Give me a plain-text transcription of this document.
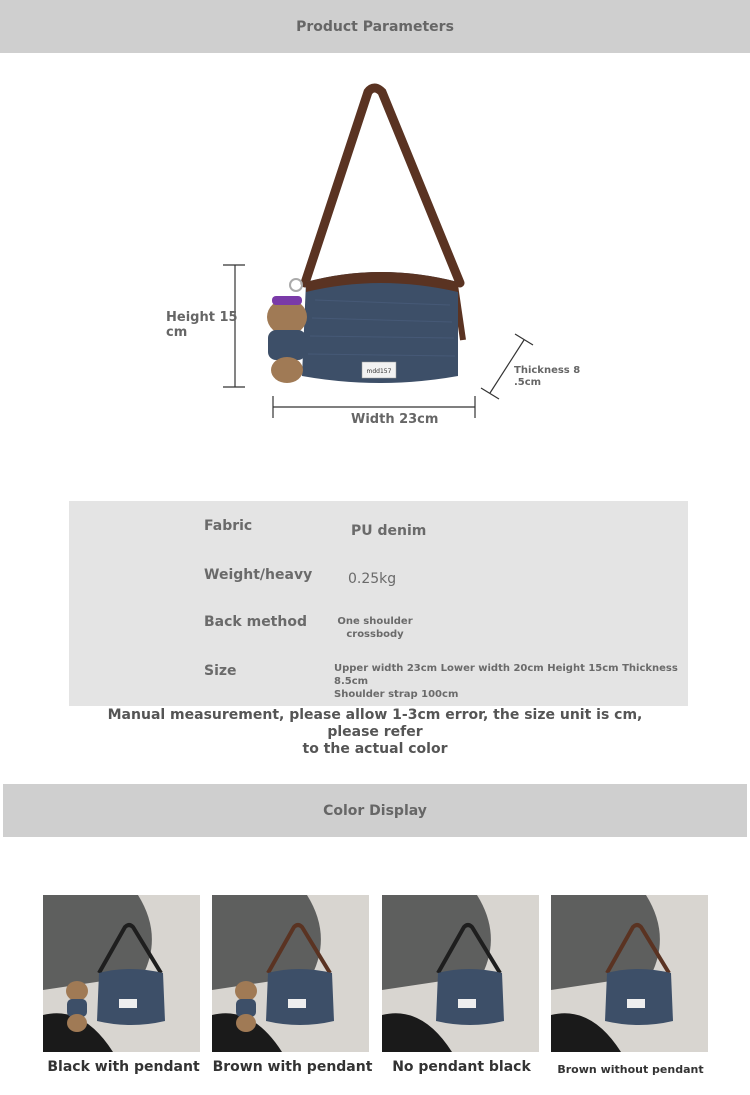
Product Parameters
mdd157
Height 15
cm
Width 23cm
Thickness 8
.5cm
Fabric	PU denim
Weight/heavy	0.25kg
Back method	One shoulder
crossbody
Size	Upper width 23cm Lower width 20cm Height 15cm Thickness 8.5cm
Shoulder strap 100cm
Manual measurement, please allow 1-3cm error, the size unit is cm, please refer
to the actual color
Color Display
Black with pendant Brown with pendant	No pendant black	Brown without pendant
